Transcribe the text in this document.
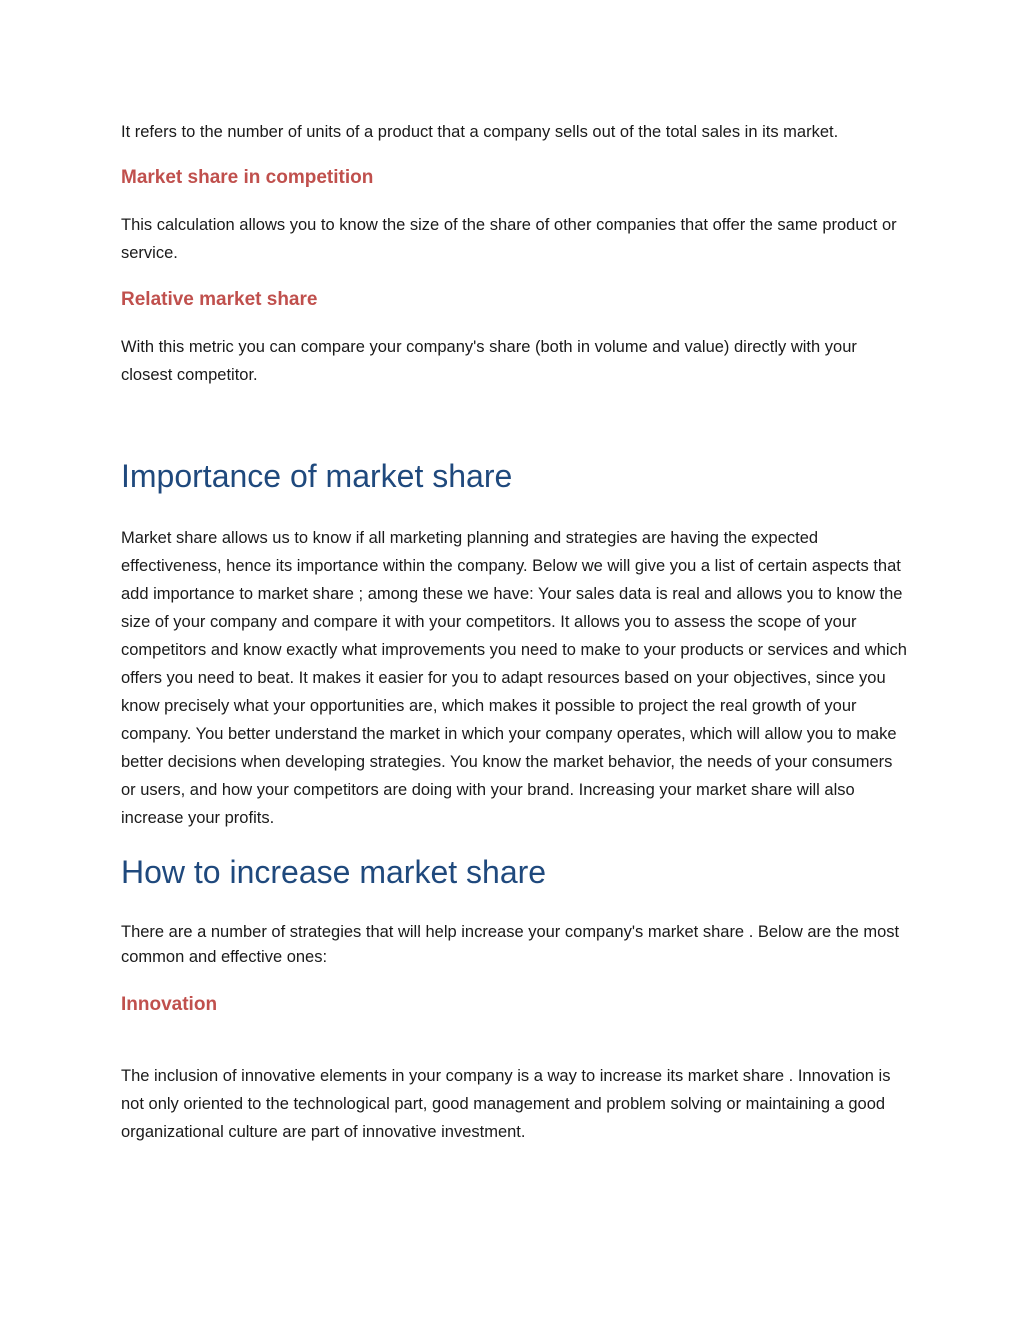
It refers to the number of units of a product that a company sells out of the total sales in its market.

Market share in competition

This calculation allows you to know the size of the share of other companies that offer the same product or service.

Relative market share

With this metric you can compare your company's share (both in volume and value) directly with your closest competitor.

Importance of market share

Market share allows us to know if all marketing planning and strategies are having the expected effectiveness, hence its importance within the company. Below we will give you a list of certain aspects that add importance to market share ; among these we have: Your sales data is real and allows you to know the size of your company and compare it with your competitors. It allows you to assess the scope of your competitors and know exactly what improvements you need to make to your products or services and which offers you need to beat. It makes it easier for you to adapt resources based on your objectives, since you know precisely what your opportunities are, which makes it possible to project the real growth of your company. You better understand the market in which your company operates, which will allow you to make better decisions when developing strategies. You know the market behavior, the needs of your consumers or users, and how your competitors are doing with your brand. Increasing your market share will also increase your profits.

How to increase market share

There are a number of strategies that will help increase your company's market share . Below are the most common and effective ones:

Innovation

The inclusion of innovative elements in your company is a way to increase its market share . Innovation is not only oriented to the technological part, good management and problem solving or maintaining a good organizational culture are part of innovative investment.
